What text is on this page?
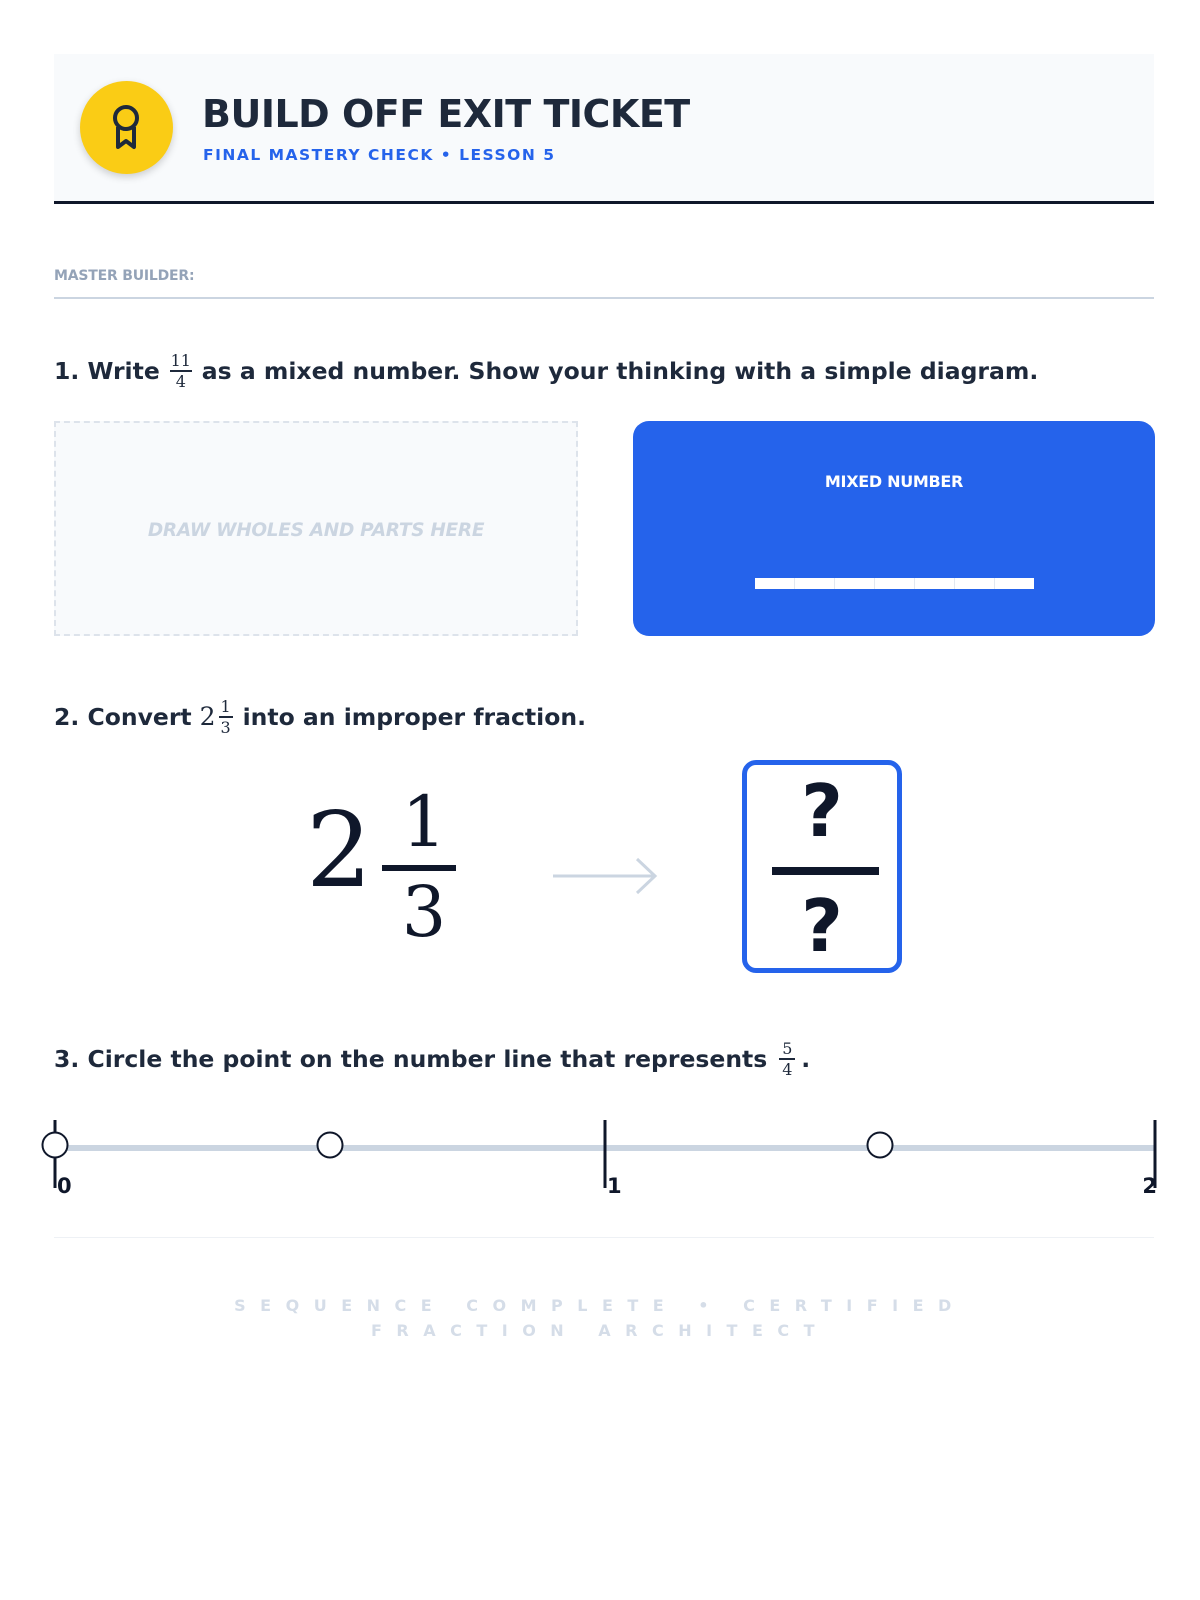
BUILD OFF EXIT TICKET
FINAL MASTERY CHECK • LESSON 5
MASTER BUILDER:
1. Write $\frac{11}{4}$ as a mixed number. Show your thinking with a simple diagram.
DRAW WHOLES AND PARTS HERE
MIXED NUMBER
2. Convert $2 \frac{1}{3}$ into an improper fraction.
2 1
3
?
?
3. Circle the point on the number line that represents $\frac{5}{4}$ .
0	1	2
SEQUENCE COMPLETE • CERTIFIED FRACTION ARCHITECT
